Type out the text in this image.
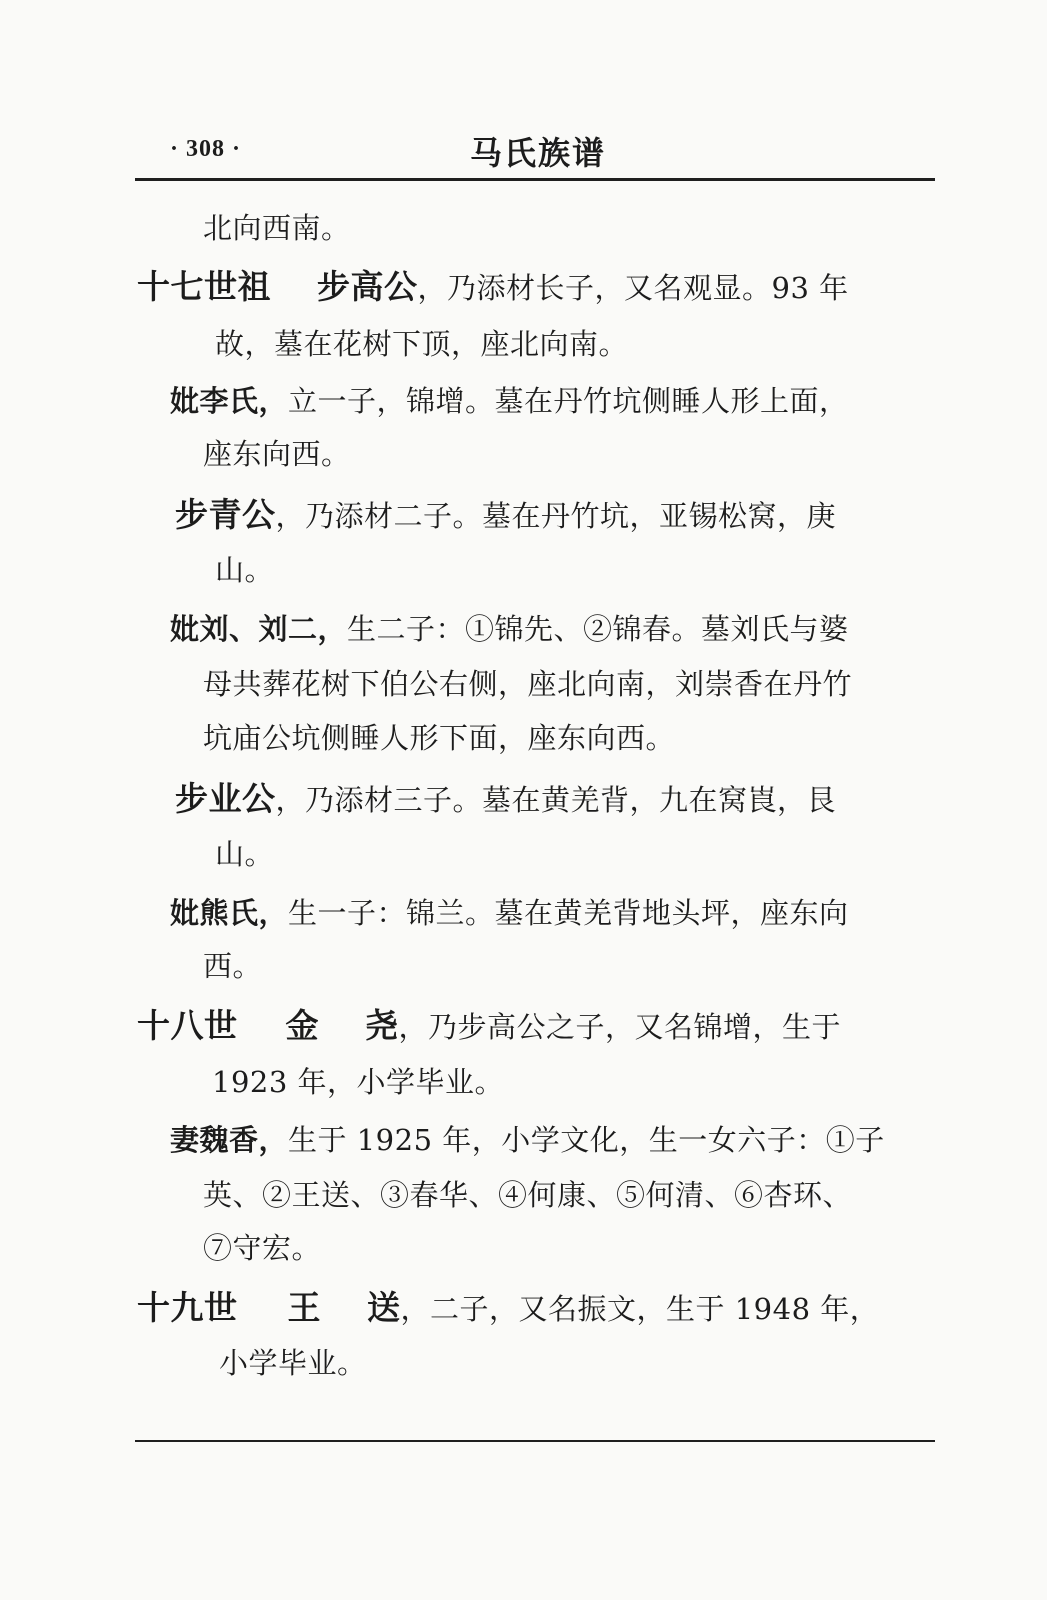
· 308 ·	马氏族谱
北向西南。
十七世祖 步高公，乃添材长子，又名观显。93 年
故，墓在花树下顶，座北向南。
妣李氏，立一子，锦增。墓在丹竹坑侧睡人形上面，
座东向西。
步青公，乃添材二子。墓在丹竹坑，亚锡松窝，庚
山。
妣刘、刘二，生二子：①锦先、②锦春。墓刘氏与婆
母共葬花树下伯公右侧，座北向南，刘崇香在丹竹
坑庙公坑侧睡人形下面，座东向西。
步业公，乃添材三子。墓在黄羌背，九在窝崀，艮
山。
妣熊氏，生一子：锦兰。墓在黄羌背地头坪，座东向
西。
十八世 金 尧，乃步高公之子，又名锦增，生于
1923 年，小学毕业。
妻魏香，生于 1925 年，小学文化，生一女六子：①子
英、②王送、③春华、④何康、⑤何清、⑥杏环、
⑦守宏。
十九世 王 送，二子，又名振文，生于 1948 年，
小学毕业。
